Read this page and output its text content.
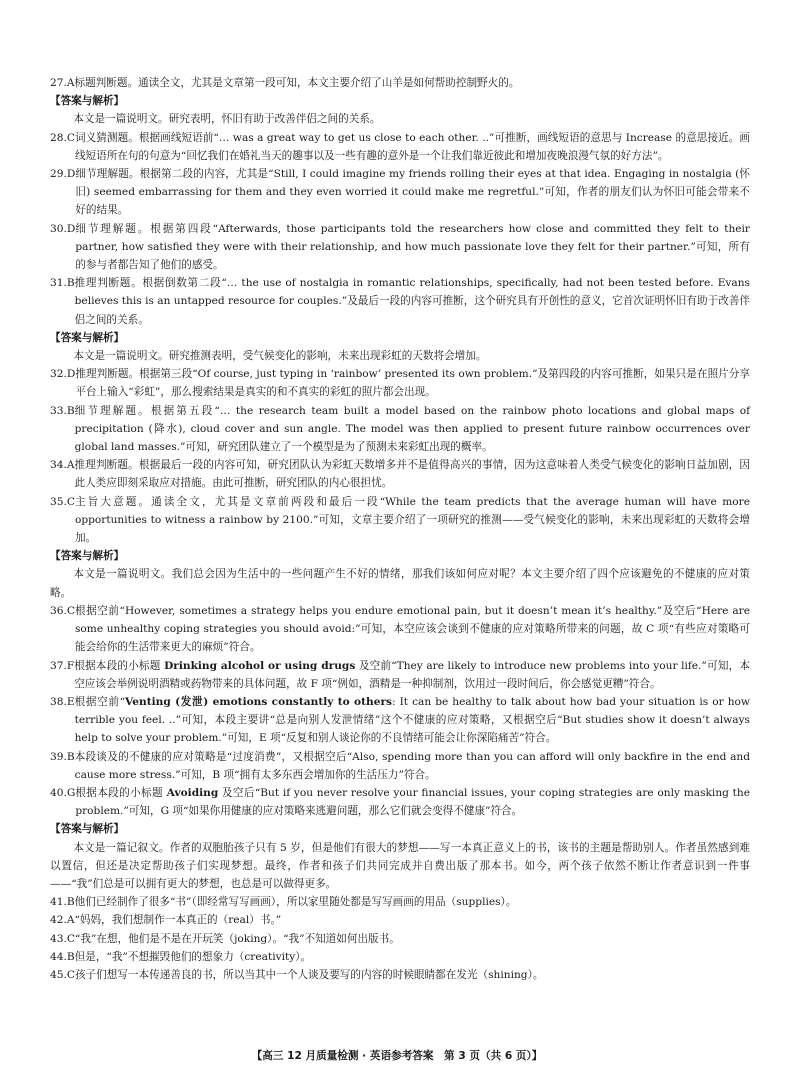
27.A 标题判断题。通读全文，尤其是文章第一段可知，本文主要介绍了山羊是如何帮助控制野火的。

【答案与解析】

本文是一篇说明文。研究表明，怀旧有助于改善伴侣之间的关系。

28.C 词义猜测题。根据画线短语前“… was a great way to get us close to each other. ..”可推断，画线短语的意思与 Increase 的意思接近。画线短语所在句的句意为“回忆我们在婚礼当天的趣事以及一些有趣的意外是一个让我们靠近彼此和增加夜晚浪漫气氛的好方法”。
29.D 细节理解题。根据第二段的内容，尤其是“Still, I could imagine my friends rolling their eyes at that idea. Engaging in nostalgia (怀旧) seemed embarrassing for them and they even worried it could make me regretful.”可知，作者的朋友们认为怀旧可能会带来不好的结果。
30.D 细节理解题。根据第四段“Afterwards, those participants told the researchers how close and committed they felt to their partner, how satisfied they were with their relationship, and how much passionate love they felt for their partner.”可知，所有的参与者都告知了他们的感受。
31.B 推理判断题。根据倒数第二段“… the use of nostalgia in romantic relationships, specifically, had not been tested before. Evans believes this is an untapped resource for couples.”及最后一段的内容可推断，这个研究具有开创性的意义，它首次证明怀旧有助于改善伴侣之间的关系。

【答案与解析】

本文是一篇说明文。研究推测表明，受气候变化的影响，未来出现彩虹的天数将会增加。

32.D 推理判断题。根据第三段“Of course, just typing in ‘rainbow’ presented its own problem.”及第四段的内容可推断，如果只是在照片分享平台上输入“彩虹”，那么搜索结果是真实的和不真实的彩虹的照片都会出现。
33.B 细节理解题。根据第五段“… the research team built a model based on the rainbow photo locations and global maps of precipitation (降水), cloud cover and sun angle. The model was then applied to present future rainbow occurrences over global land masses.”可知，研究团队建立了一个模型是为了预测未来彩虹出现的概率。
34.A 推理判断题。根据最后一段的内容可知，研究团队认为彩虹天数增多并不是值得高兴的事情，因为这意味着人类受气候变化的影响日益加剧，因此人类应即刻采取应对措施。由此可推断，研究团队的内心很担忧。
35.C 主旨大意题。通读全文，尤其是文章前两段和最后一段“While the team predicts that the average human will have more opportunities to witness a rainbow by 2100.”可知，文章主要介绍了一项研究的推测——受气候变化的影响，未来出现彩虹的天数将会增加。

【答案与解析】

本文是一篇说明文。我们总会因为生活中的一些问题产生不好的情绪，那我们该如何应对呢？本文主要介绍了四个应该避免的不健康的应对策略。

36.C 根据空前“However, sometimes a strategy helps you endure emotional pain, but it doesn’t mean it’s healthy.”及空后“Here are some unhealthy coping strategies you should avoid:”可知，本空应该会谈到不健康的应对策略所带来的问题，故 C 项“有些应对策略可能会给你的生活带来更大的麻烦”符合。
37.F 根据本段的小标题 Drinking alcohol or using drugs 及空前“They are likely to introduce new problems into your life.”可知，本空应该会举例说明酒精或药物带来的具体问题，故 F 项“例如，酒精是一种抑制剂，饮用过一段时间后，你会感觉更糟”符合。
38.E 根据空前“Venting (发泄) emotions constantly to others: It can be healthy to talk about how bad your situation is or how terrible you feel. ..”可知，本段主要讲“总是向别人发泄情绪”这个不健康的应对策略，又根据空后“But studies show it doesn’t always help to solve your problem.”可知，E 项“反复和别人谈论你的不良情绪可能会让你深陷痛苦”符合。
39.B 本段谈及的不健康的应对策略是“过度消费”，又根据空后“Also, spending more than you can afford will only backfire in the end and cause more stress.”可知，B 项“拥有太多东西会增加你的生活压力”符合。
40.G 根据本段的小标题 Avoiding 及空后“But if you never resolve your financial issues, your coping strategies are only masking the problem.”可知，G 项“如果你用健康的应对策略来逃避问题，那么它们就会变得不健康”符合。

【答案与解析】

本文是一篇记叙文。作者的双胞胎孩子只有 5 岁，但是他们有很大的梦想——写一本真正意义上的书，该书的主题是帮助别人。作者虽然感到难以置信，但还是决定帮助孩子们实现梦想。最终，作者和孩子们共同完成并自费出版了那本书。如今，两个孩子依然不断让作者意识到一件事——“我”们总是可以拥有更大的梦想，也总是可以做得更多。

41.B 他们已经制作了很多“书”（即经常写写画画），所以家里随处都是写写画画的用品（supplies）。
42.A “妈妈，我们想制作一本真正的（real）书。”
43.C “我”在想，他们是不是在开玩笑（joking）。“我”不知道如何出版书。
44.B 但是，“我”不想摧毁他们的想象力（creativity）。
45.C 孩子们想写一本传递善良的书，所以当其中一个人谈及要写的内容的时候眼睛都在发光（shining）。
【高三 12 月质量检测 · 英语参考答案　第 3 页（共 6 页）】
